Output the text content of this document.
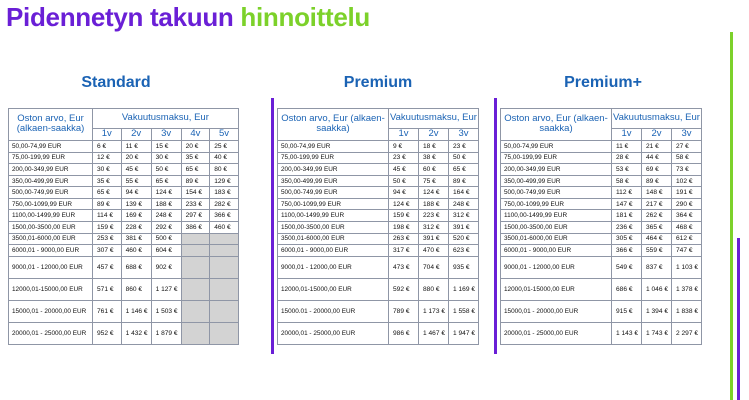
Pidennetyn takuun hinnoittelu
Standard	Premium	Premium+
Oston arvo, Eur (alkaen-saakka)	Vakuutusmaksu, Eur				
	1v	2v	3v	4v	5v
50,00-74,99 EUR	6 €	11 €	15 €	20 €	25 €
75,00-199,99 EUR	12 €	20 €	30 €	35 €	40 €
200,00-349,99 EUR	30 €	45 €	50 €	65 €	80 €
350,00-499,99 EUR	35 €	55 €	65 €	89 €	129 €
500,00-749,99 EUR	65 €	94 €	124 €	154 €	183 €
750,00-1099,99 EUR	89 €	139 €	188 €	233 €	282 €
1100,00-1499,99 EUR	114 €	169 €	248 €	297 €	366 €
1500,00-3500,00 EUR	159 €	228 €	292 €	386 €	460 €
3500,01-6000,00 EUR	253 €	381 €	500 €		
6000,01 - 9000,00 EUR	307 €	460 €	604 €		
9000,01 - 12000,00 EUR	457 €	688 €	902 €		
12000,01-15000,00 EUR	571 €	860 €	1 127 €		
15000,01 - 20000,00 EUR	761 €	1 146 €	1 503 €		
20000,01 - 25000,00 EUR	952 €	1 432 €	1 879 €		
Oston arvo, Eur (alkaen-saakka)	Vakuutusmaksu, Eur		
	1v	2v	3v
50,00-74,99 EUR	9 €	18 €	23 €
75,00-199,99 EUR	23 €	38 €	50 €
200,00-349,99 EUR	45 €	60 €	65 €
350,00-499,99 EUR	50 €	75 €	89 €
500,00-749,99 EUR	94 €	124 €	164 €
750,00-1099,99 EUR	124 €	188 €	248 €
1100,00-1499,99 EUR	159 €	223 €	312 €
1500,00-3500,00 EUR	198 €	312 €	391 €
3500,01-6000,00 EUR	263 €	391 €	520 €
6000,01 - 9000,00 EUR	317 €	470 €	623 €
9000,01 - 12000,00 EUR	473 €	704 €	935 €
12000,01-15000,00 EUR	592 €	880 €	1 169 €
15000.01 - 20000,00 EUR	789 €	1 173 €	1 558 €
20000,01 - 25000,00 EUR	986 €	1 467 €	1 947 €
Oston arvo, Eur (alkaen-saakka)	Vakuutusmaksu, Eur		
	1v	2v	3v
50,00-74,99 EUR	11 €	21 €	27 €
75,00-199,99 EUR	28 €	44 €	58 €
200,00-349,99 EUR	53 €	69 €	73 €
350,00-499,99 EUR	58 €	89 €	102 €
500,00-749,99 EUR	112 €	148 €	191 €
750,00-1099,99 EUR	147 €	217 €	290 €
1100,00-1499,99 EUR	181 €	262 €	364 €
1500,00-3500,00 EUR	236 €	365 €	468 €
3500,01-6000,00 EUR	305 €	464 €	612 €
6000,01 - 9000,00 EUR	366 €	559 €	747 €
9000,01 - 12000,00 EUR	549 €	837 €	1 103 €
12000,01-15000,00 EUR	686 €	1 046 €	1 378 €
15000,01 - 20000,00 EUR	915 €	1 394 €	1 838 €
20000,01 - 25000,00 EUR	1 143 €	1 743 €	2 297 €
